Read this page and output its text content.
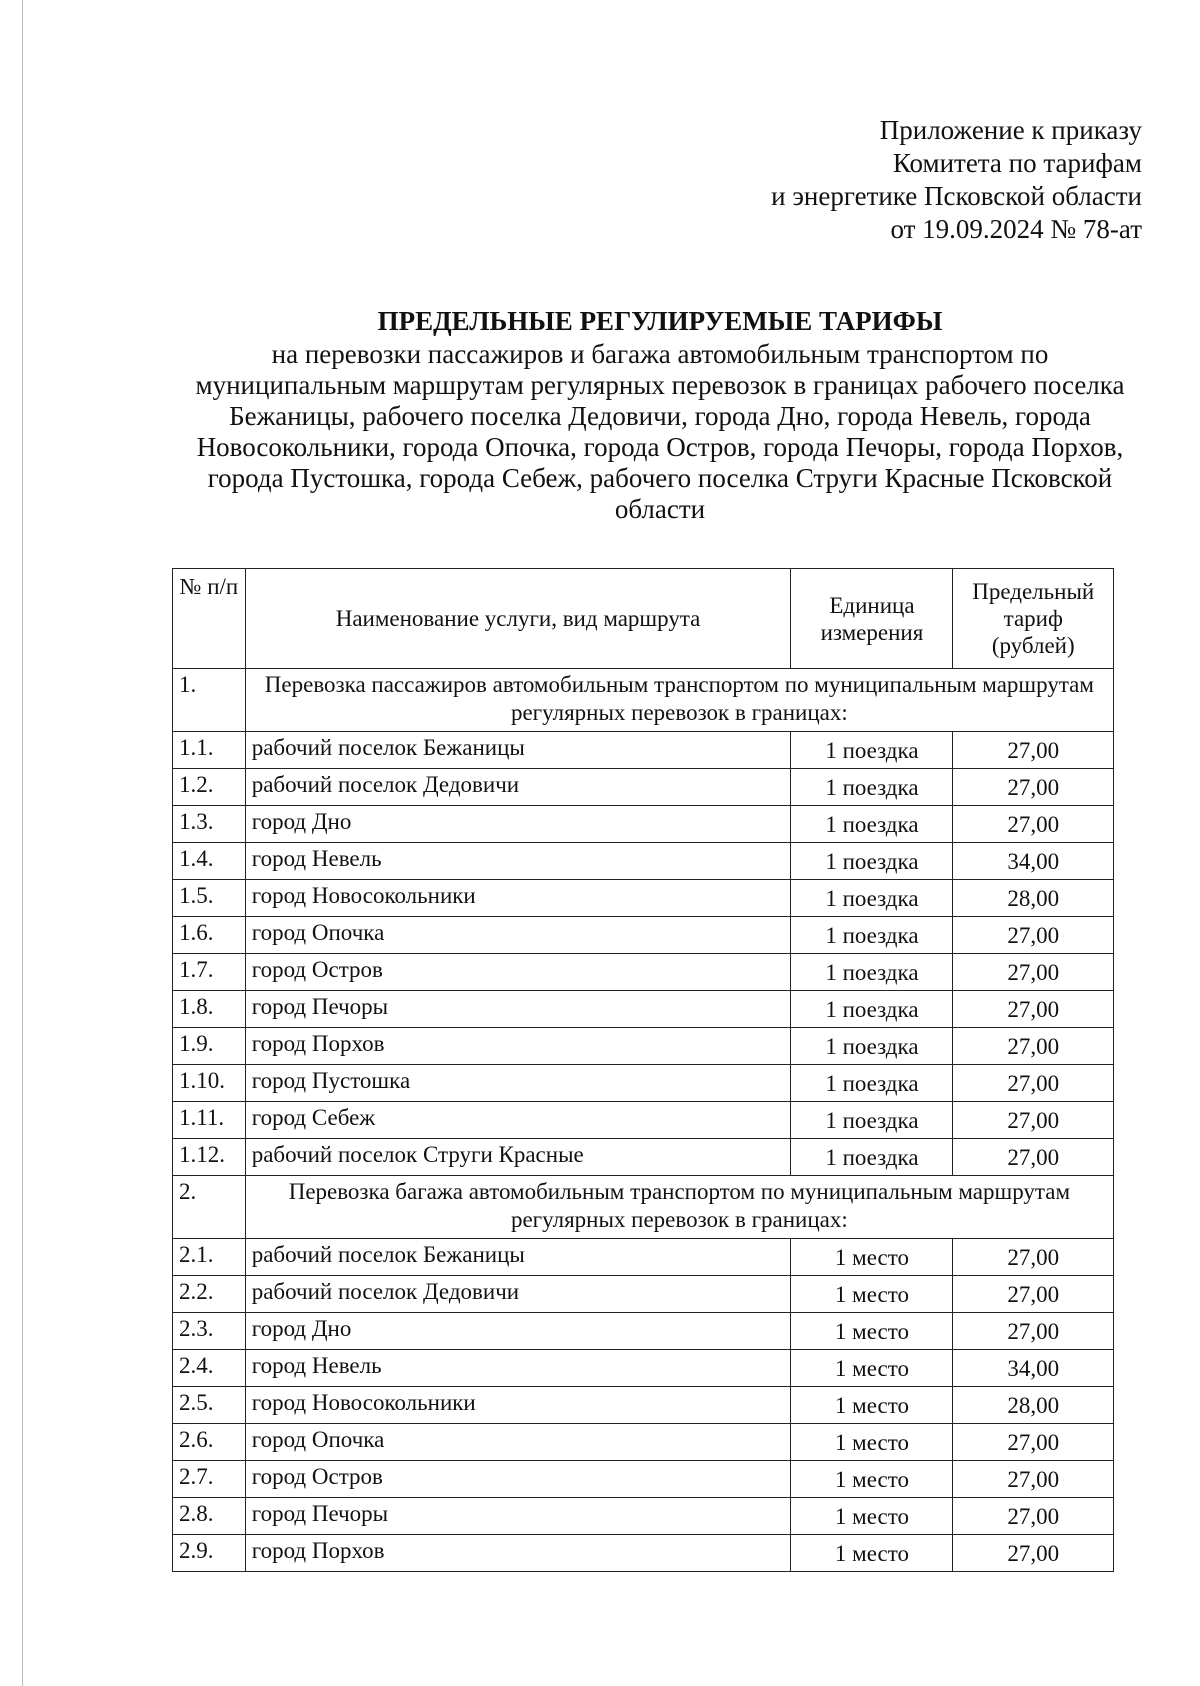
Приложение к приказу
Комитета по тарифам
и энергетике Псковской области
от 19.09.2024 № 78-ат
ПРЕДЕЛЬНЫЕ РЕГУЛИРУЕМЫЕ ТАРИФЫ
на перевозки пассажиров и багажа автомобильным транспортом по муниципальным маршрутам регулярных перевозок в границах рабочего поселка Бежаницы, рабочего поселка Дедовичи, города Дно, города Невель, города Новосокольники, города Опочка, города Остров, города Печоры, города Порхов, города Пустошка, города Себеж, рабочего поселка Струги Красные Псковской области
№ п/п	Наименование услуги, вид маршрута	Единица измерения	Предельный тариф (рублей)
1.	Перевозка пассажиров автомобильным транспортом по муниципальным маршрутам регулярных перевозок в границах:		
1.1.	рабочий поселок Бежаницы	1 поездка	27,00
1.2.	рабочий поселок Дедовичи	1 поездка	27,00
1.3.	город Дно	1 поездка	27,00
1.4.	город Невель	1 поездка	34,00
1.5.	город Новосокольники	1 поездка	28,00
1.6.	город Опочка	1 поездка	27,00
1.7.	город Остров	1 поездка	27,00
1.8.	город Печоры	1 поездка	27,00
1.9.	город Порхов	1 поездка	27,00
1.10.	город Пустошка	1 поездка	27,00
1.11.	город Себеж	1 поездка	27,00
1.12.	рабочий поселок Струги Красные	1 поездка	27,00
2.	Перевозка багажа автомобильным транспортом по муниципальным маршрутам регулярных перевозок в границах:		
2.1.	рабочий поселок Бежаницы	1 место	27,00
2.2.	рабочий поселок Дедовичи	1 место	27,00
2.3.	город Дно	1 место	27,00
2.4.	город Невель	1 место	34,00
2.5.	город Новосокольники	1 место	28,00
2.6.	город Опочка	1 место	27,00
2.7.	город Остров	1 место	27,00
2.8.	город Печоры	1 место	27,00
2.9.	город Порхов	1 место	27,00
